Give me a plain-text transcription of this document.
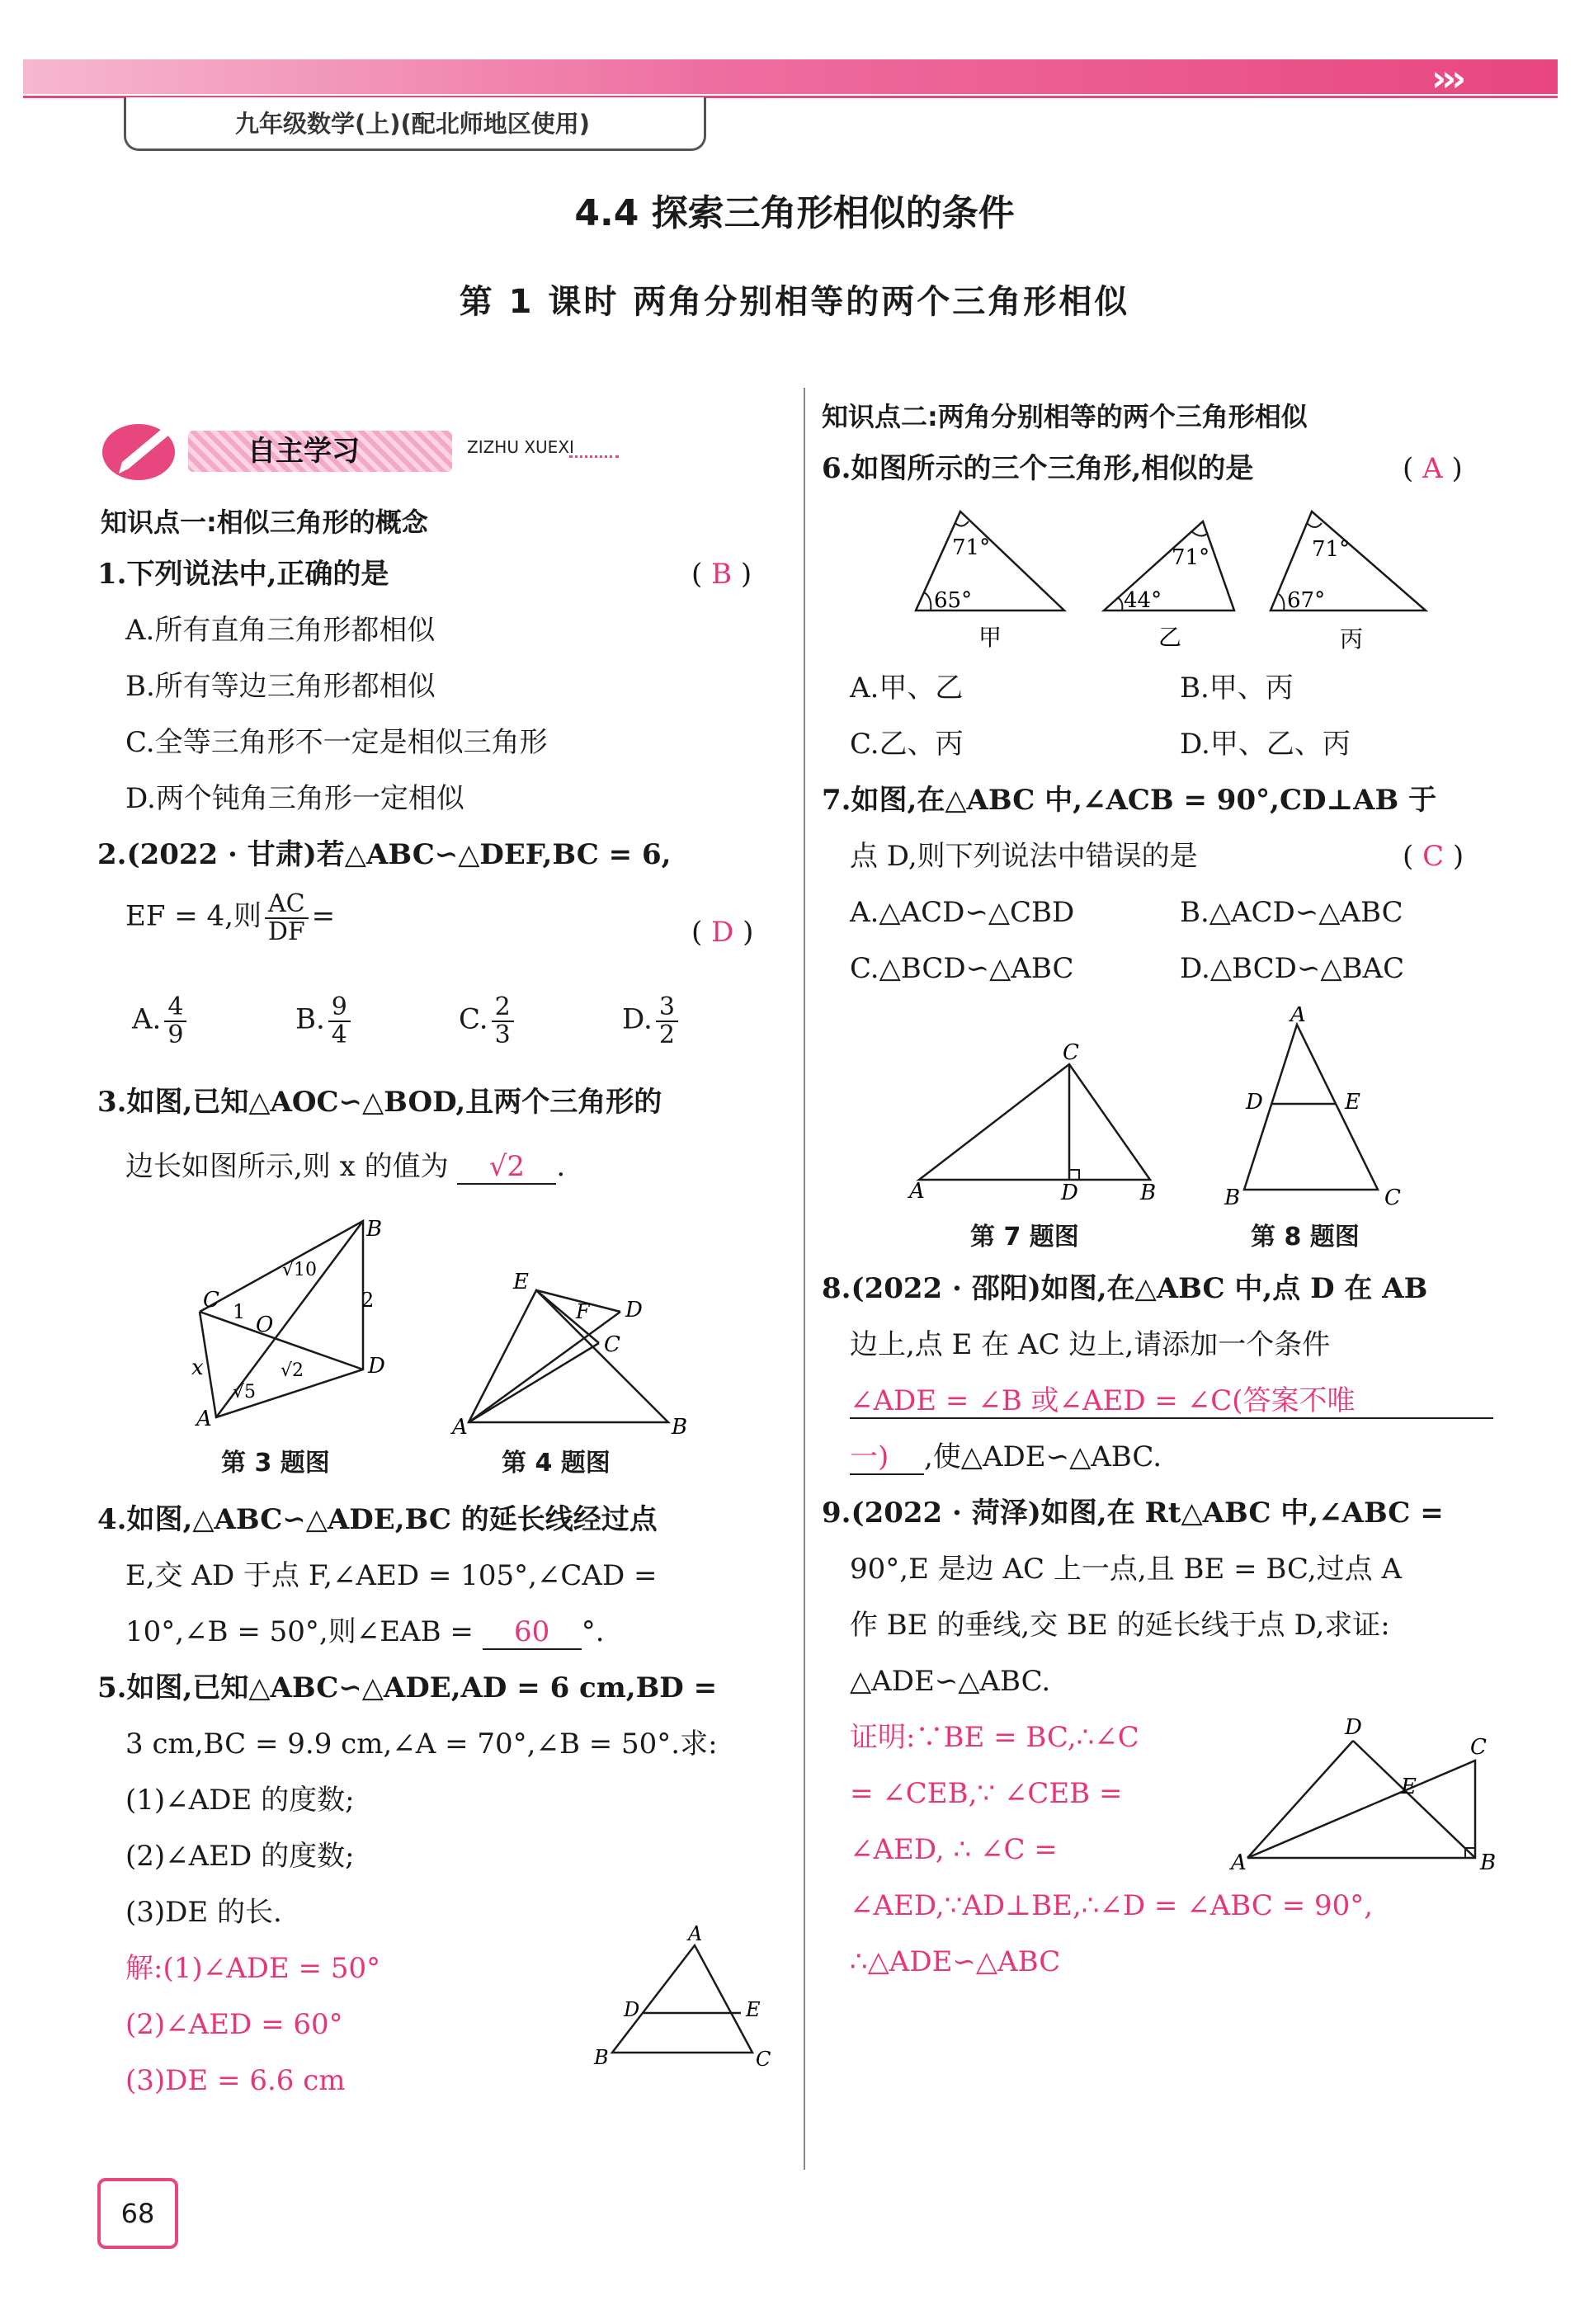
›››
九年级数学(上)(配北师地区使用)
4.4 探索三角形相似的条件
第 1 课时 两角分别相等的两个三角形相似
自主学习	ZIZHU XUEXI
知识点一:相似三角形的概念
1.下列说法中,正确的是	( B )
A.所有直角三角形都相似
B.所有等边三角形都相似
C.全等三角形不一定是相似三角形
D.两个钝角三角形一定相似
2.(2022 · 甘肃)若△ABC∽△DEF,BC = 6,
EF = 4,则 $\frac{AC}{DF}$ =	( D )
A. $\frac{4}{9}$	B. $\frac{9}{4}$	C. $\frac{2}{3}$	D. $\frac{3}{2}$
3.如图,已知△AOC∽△BOD,且两个三角形的
边长如图所示,则 x 的值为 √2 .
C 1
O
√10
B
2
x
√5
√2
A
D
第 3 题图
E
F D
C
A	B
第 4 题图
4.如图,△ABC∽△ADE,BC 的延长线经过点
E,交 AD 于点 F,∠AED = 105°,∠CAD =
10°,∠B = 50°,则∠EAB = 60 °.
5.如图,已知△ABC∽△ADE,AD = 6 cm,BD =
3 cm,BC = 9.9 cm,∠A = 70°,∠B = 50°.求:
(1)∠ADE 的度数;
(2)∠AED 的度数;
(3)DE 的长.
解:(1)∠ADE = 50°
(2)∠AED = 60°
(3)DE = 6.6 cm
A
D	E
B	C
知识点二:两角分别相等的两个三角形相似
6.如图所示的三个三角形,相似的是	( A )
71°
65°
甲
71°
44°
乙
71°
67°
丙
A.甲、乙	B.甲、丙
C.乙、丙	D.甲、乙、丙
7.如图,在△ABC 中,∠ACB = 90°,CD⊥AB 于
点 D,则下列说法中错误的是	( C )
A.△ACD∽△CBD	B.△ACD∽△ABC
C.△BCD∽△ABC	D.△BCD∽△BAC
C
A	D	B
第 7 题图
A
D	E
B	C
第 8 题图
8.(2022 · 邵阳)如图,在△ABC 中,点 D 在 AB
边上,点 E 在 AC 边上,请添加一个条件
∠ADE = ∠B 或∠AED = ∠C(答案不唯
一) ,使△ADE∽△ABC.
9.(2022 · 菏泽)如图,在 Rt△ABC 中,∠ABC =
90°,E 是边 AC 上一点,且 BE = BC,过点 A
作 BE 的垂线,交 BE 的延长线于点 D,求证:
△ADE∽△ABC.
证明:∵BE = BC,∴∠C
= ∠CEB,∵ ∠CEB =
∠AED, ∴ ∠C =
∠AED,∵AD⊥BE,∴∠D = ∠ABC = 90°,
∴△ADE∽△ABC
D
C
E
A	B
68
